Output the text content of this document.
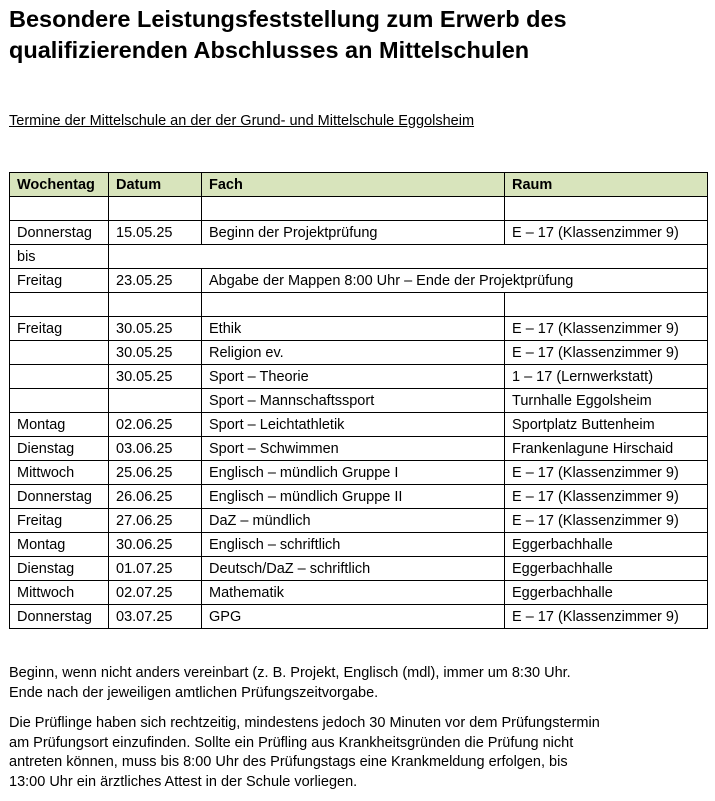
Besondere Leistungsfeststellung zum Erwerb des qualifizierenden Abschlusses an Mittelschulen

Termine der Mittelschule an der der Grund- und Mittelschule Eggolsheim

Wochentag	Datum	Fach	Raum

Donnerstag	15.05.25	Beginn der Projektprüfung	E – 17 (Klassenzimmer 9)
bis			
Freitag	23.05.25	Abgabe der Mappen 8:00 Uhr – Ende der Projektprüfung	

Freitag	30.05.25	Ethik	E – 17 (Klassenzimmer 9)
	30.05.25	Religion ev.	E – 17 (Klassenzimmer 9)
	30.05.25	Sport – Theorie	1 – 17 (Lernwerkstatt)
		Sport – Mannschaftssport	Turnhalle Eggolsheim
Montag	02.06.25	Sport – Leichtathletik	Sportplatz Buttenheim
Dienstag	03.06.25	Sport – Schwimmen	Frankenlagune Hirschaid
Mittwoch	25.06.25	Englisch – mündlich Gruppe I	E – 17 (Klassenzimmer 9)
Donnerstag	26.06.25	Englisch – mündlich Gruppe II	E – 17 (Klassenzimmer 9)
Freitag	27.06.25	DaZ – mündlich	E – 17 (Klassenzimmer 9)
Montag	30.06.25	Englisch – schriftlich	Eggerbachhalle
Dienstag	01.07.25	Deutsch/DaZ – schriftlich	Eggerbachhalle
Mittwoch	02.07.25	Mathematik	Eggerbachhalle
Donnerstag	03.07.25	GPG	E – 17 (Klassenzimmer 9)

Beginn, wenn nicht anders vereinbart (z. B. Projekt, Englisch (mdl), immer um 8:30 Uhr.

Ende nach der jeweiligen amtlichen Prüfungszeitvorgabe.

Die Prüflinge haben sich rechtzeitig, mindestens jedoch 30 Minuten vor dem Prüfungstermin

am Prüfungsort einzufinden. Sollte ein Prüfling aus Krankheitsgründen die Prüfung nicht

antreten können, muss bis 8:00 Uhr des Prüfungstags eine Krankmeldung erfolgen, bis

13:00 Uhr ein ärztliches Attest in der Schule vorliegen.
